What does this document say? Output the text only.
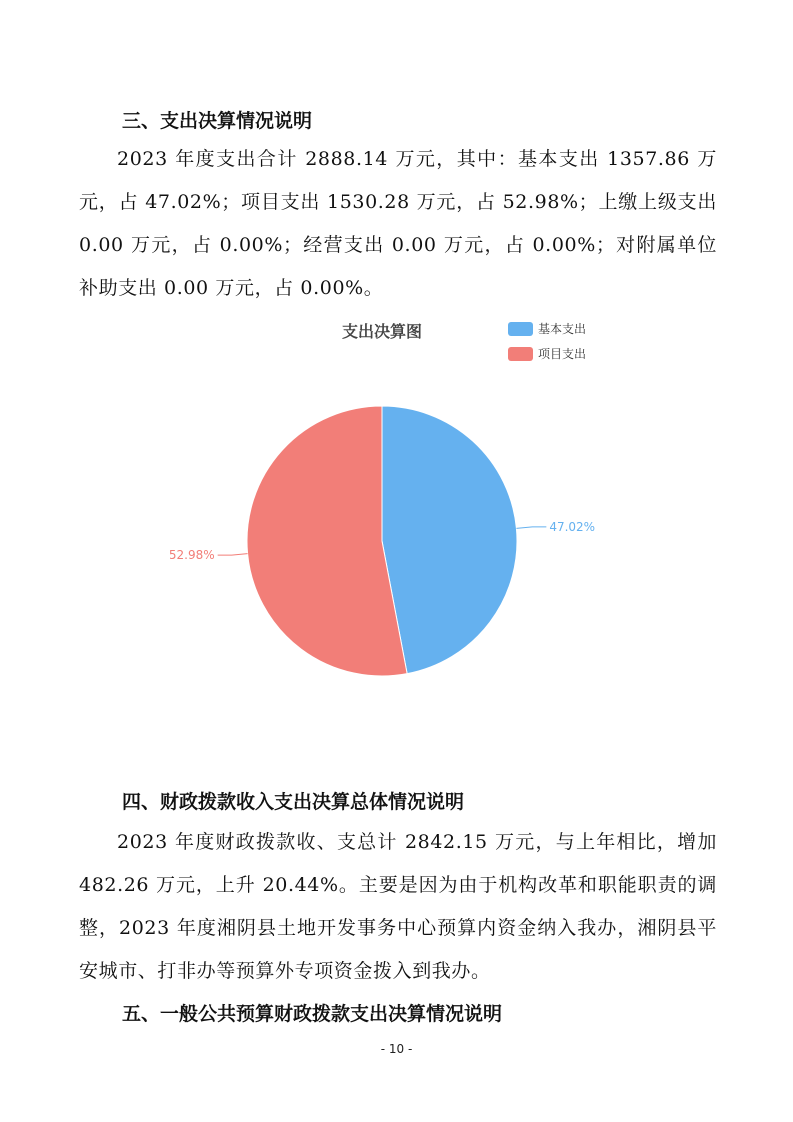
三、支出决算情况说明

2023 年度支出合计 2888.14 万元，其中：基本支出 1357.86 万元，占 47.02%；项目支出 1530.28 万元，占 52.98%；上缴上级支出 0.00 万元，占 0.00%；经营支出 0.00 万元，占 0.00%；对附属单位补助支出 0.00 万元，占 0.00%。

支出决算图	基本支出
项目支出
47.02%
52.98%
四、财政拨款收入支出决算总体情况说明

2023 年度财政拨款收、支总计 2842.15 万元，与上年相比，增加 482.26 万元，上升 20.44%。主要是因为由于机构改革和职能职责的调整，2023 年度湘阴县土地开发事务中心预算内资金纳入我办，湘阴县平安城市、打非办等预算外专项资金拨入到我办。

五、一般公共预算财政拨款支出决算情况说明
- 10 -
